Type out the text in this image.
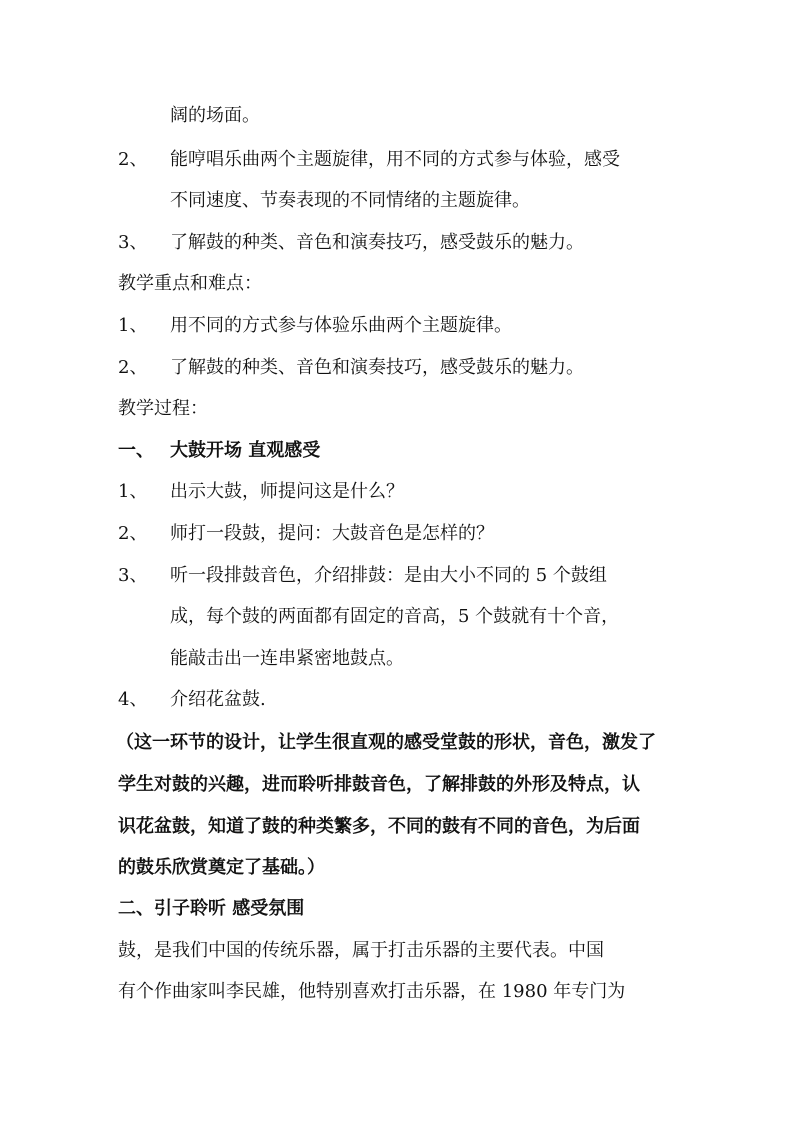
阔的场面。
2、 能哼唱乐曲两个主题旋律，用不同的方式参与体验，感受
不同速度、节奏表现的不同情绪的主题旋律。
3、 了解鼓的种类、音色和演奏技巧，感受鼓乐的魅力。
教学重点和难点：
1、 用不同的方式参与体验乐曲两个主题旋律。
2、 了解鼓的种类、音色和演奏技巧，感受鼓乐的魅力。
教学过程：
一、 大鼓开场 直观感受
1、 出示大鼓，师提问这是什么？
2、 师打一段鼓，提问：大鼓音色是怎样的？
3、 听一段排鼓音色，介绍排鼓：是由大小不同的 5 个鼓组
成，每个鼓的两面都有固定的音高，5 个鼓就有十个音，
能敲击出一连串紧密地鼓点。
4、 介绍花盆鼓.
（这一环节的设计，让学生很直观的感受堂鼓的形状，音色，激发了
学生对鼓的兴趣，进而聆听排鼓音色，了解排鼓的外形及特点，认
识花盆鼓，知道了鼓的种类繁多，不同的鼓有不同的音色，为后面
的鼓乐欣赏奠定了基础。）
二、引子聆听 感受氛围
鼓，是我们中国的传统乐器，属于打击乐器的主要代表。中国
有个作曲家叫李民雄，他特别喜欢打击乐器，在 1980 年专门为
